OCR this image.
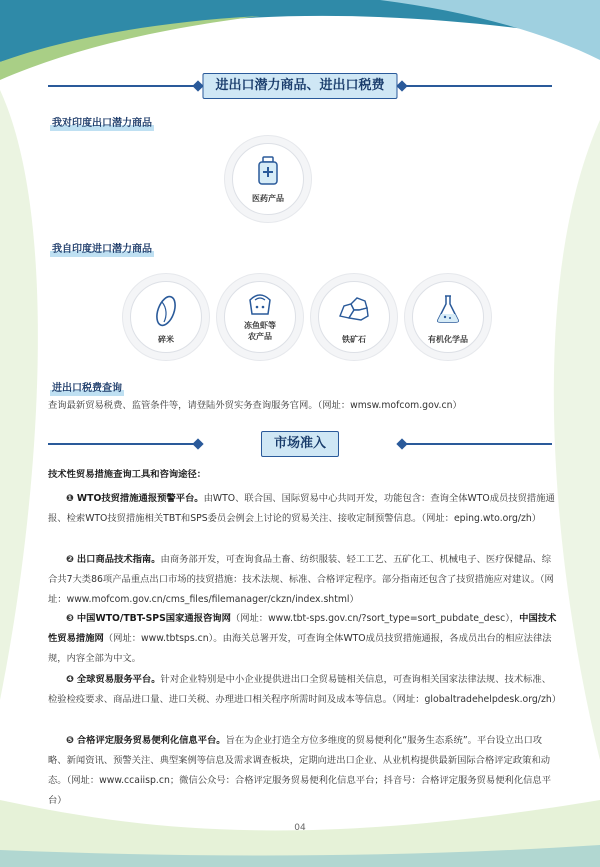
进出口潜力商品、进出口税费
我对印度出口潜力商品
医药产品
我自印度进口潜力商品
碎米
冻鱼虾等
农产品	铁矿石	有机化学品
进出口税费查询
查询最新贸易税费、监管条件等，请登陆外贸实务查询服务官网。（网址：wmsw.mofcom.gov.cn）
市场准入
技术性贸易措施查询工具和咨询途径：
❶ WTO技贸措施通报预警平台。由WTO、联合国、国际贸易中心共同开发，功能包含：查询全体WTO成员技贸措施通报、检索WTO技贸措施相关TBT和SPS委员会例会上讨论的贸易关注、接收定制预警信息。（网址：eping.wto.org/zh）
❷ 出口商品技术指南。由商务部开发，可查询食品土畜、纺织服装、轻工工艺、五矿化工、机械电子、医疗保健品、综合共7大类86项产品重点出口市场的技贸措施：技术法规、标准、合格评定程序。部分指南还包含了技贸措施应对建议。（网址：www.mofcom.gov.cn/cms_files/filemanager/ckzn/index.shtml）
❸ 中国WTO/TBT-SPS国家通报咨询网（网址：www.tbt-sps.gov.cn/?sort_type=sort_pubdate_desc），中国技术性贸易措施网（网址：www.tbtsps.cn）。由海关总署开发，可查询全体WTO成员技贸措施通报，各成员出台的相应法律法规，内容全部为中文。
❹ 全球贸易服务平台。针对企业特别是中小企业提供进出口全贸易链相关信息，可查询相关国家法律法规、技术标准、检验检疫要求、商品进口量、进口关税、办理进口相关程序所需时间及成本等信息。（网址：globaltradehelpdesk.org/zh）
❺ 合格评定服务贸易便利化信息平台。旨在为企业打造全方位多维度的贸易便利化“服务生态系统”。平台设立出口攻略、新闻资讯、预警关注、典型案例等信息及需求调查板块，定期向进出口企业、从业机构提供最新国际合格评定政策和动态。（网址：www.ccaiisp.cn；微信公众号：合格评定服务贸易便利化信息平台；抖音号：合格评定服务贸易便利化信息平台）
04
